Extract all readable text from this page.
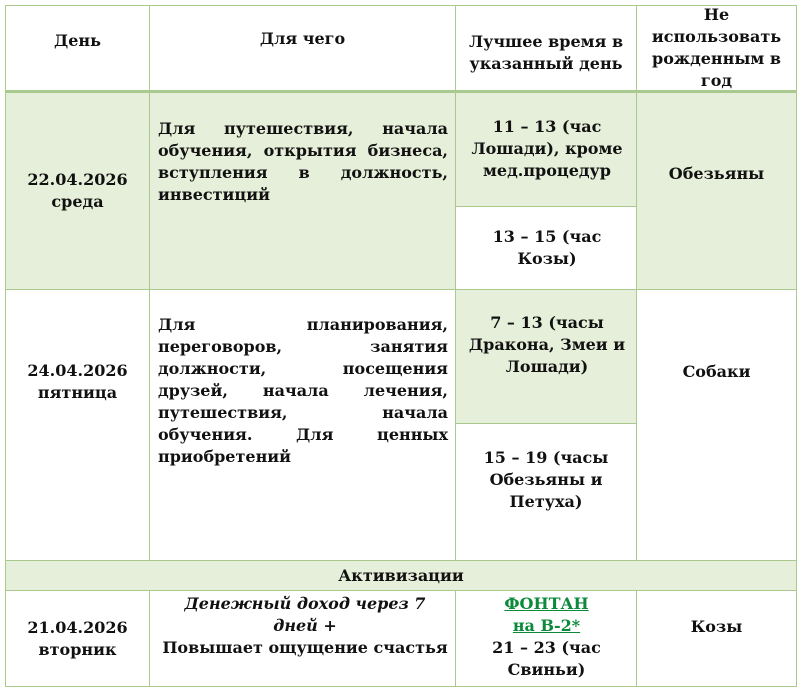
День	Для чего	Лучшее время в указанный день
Не использовать рожденным в год
22.04.2026
среда
Для путешествия, начала обучения, открытия бизнеса, вступления в должность, инвестиций
11 – 13 (час Лошади), кроме мед.процедур
13 – 15 (час Козы)
Обезьяны
24.04.2026
пятница
Для планирования, переговоров, занятия должности, посещения друзей, начала лечения, путешествия, начала обучения. Для ценных приобретений
7 – 13 (часы Дракона, Змеи и Лошади)
15 – 19 (часы Обезьяны и Петуха)
Собаки
Активизации
21.04.2026
вторник
Денежный доход через 7 дней +
Повышает ощущение счастья
ФОНТАН
на В-2*
21 – 23 (час Свиньи)
Козы
